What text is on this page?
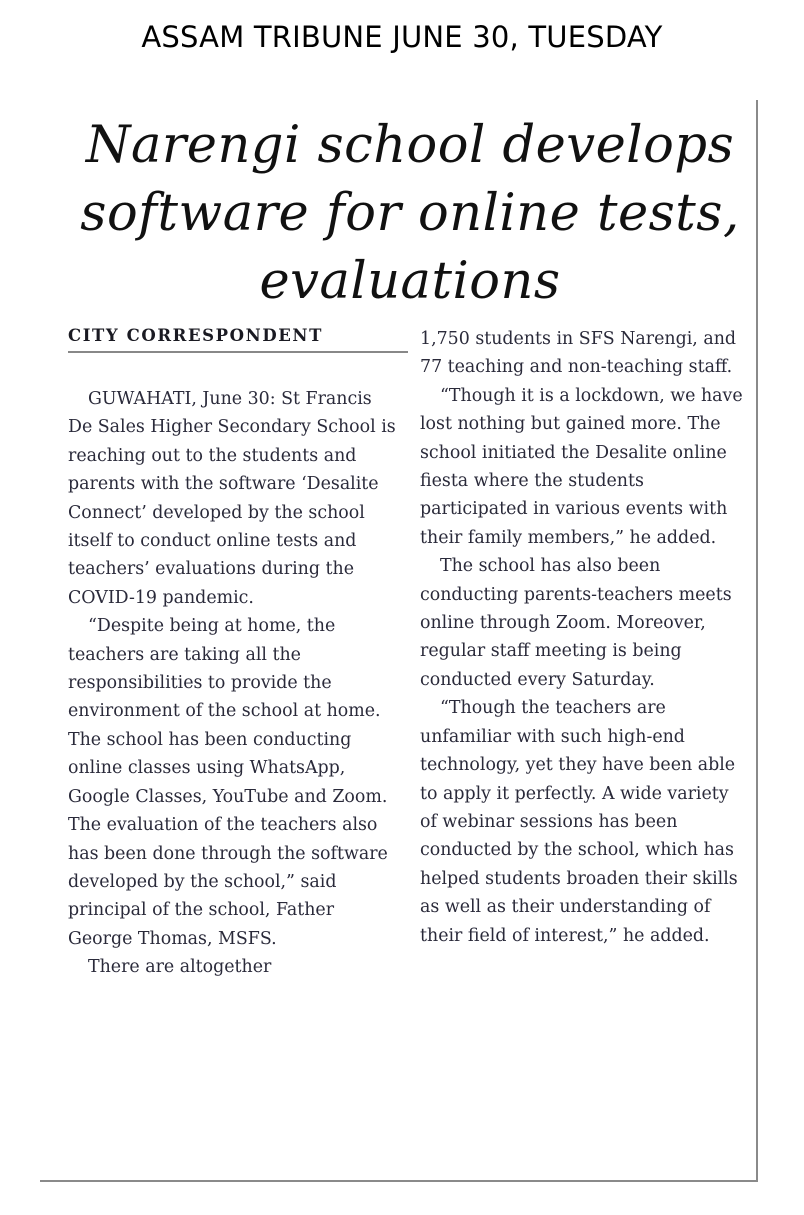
ASSAM TRIBUNE JUNE 30, TUESDAY
Narengi school develops software for online tests, evaluations
CITY CORRESPONDENT

GUWAHATI, June 30: St Francis De Sales Higher Secondary School is reaching out to the students and parents with the software ‘Desalite Connect’ developed by the school itself to conduct online tests and teachers’ evaluations during the COVID-19 pandemic.

“Despite being at home, the teachers are taking all the responsibilities to provide the environment of the school at home. The school has been conducting online classes using WhatsApp, Google Classes, YouTube and Zoom. The evaluation of the teachers also has been done through the software developed by the school,” said principal of the school, Father George Thomas, MSFS.

There are altogether

1,750 students in SFS Narengi, and 77 teaching and non-teaching staff.

“Though it is a lockdown, we have lost nothing but gained more. The school initiated the Desalite online fiesta where the students participated in various events with their family members,” he added.

The school has also been conducting parents-teachers meets online through Zoom. Moreover, regular staff meeting is being conducted every Saturday.

“Though the teachers are unfamiliar with such high-end technology, yet they have been able to apply it perfectly. A wide variety of webinar sessions has been conducted by the school, which has helped students broaden their skills as well as their understanding of their field of interest,” he added.
